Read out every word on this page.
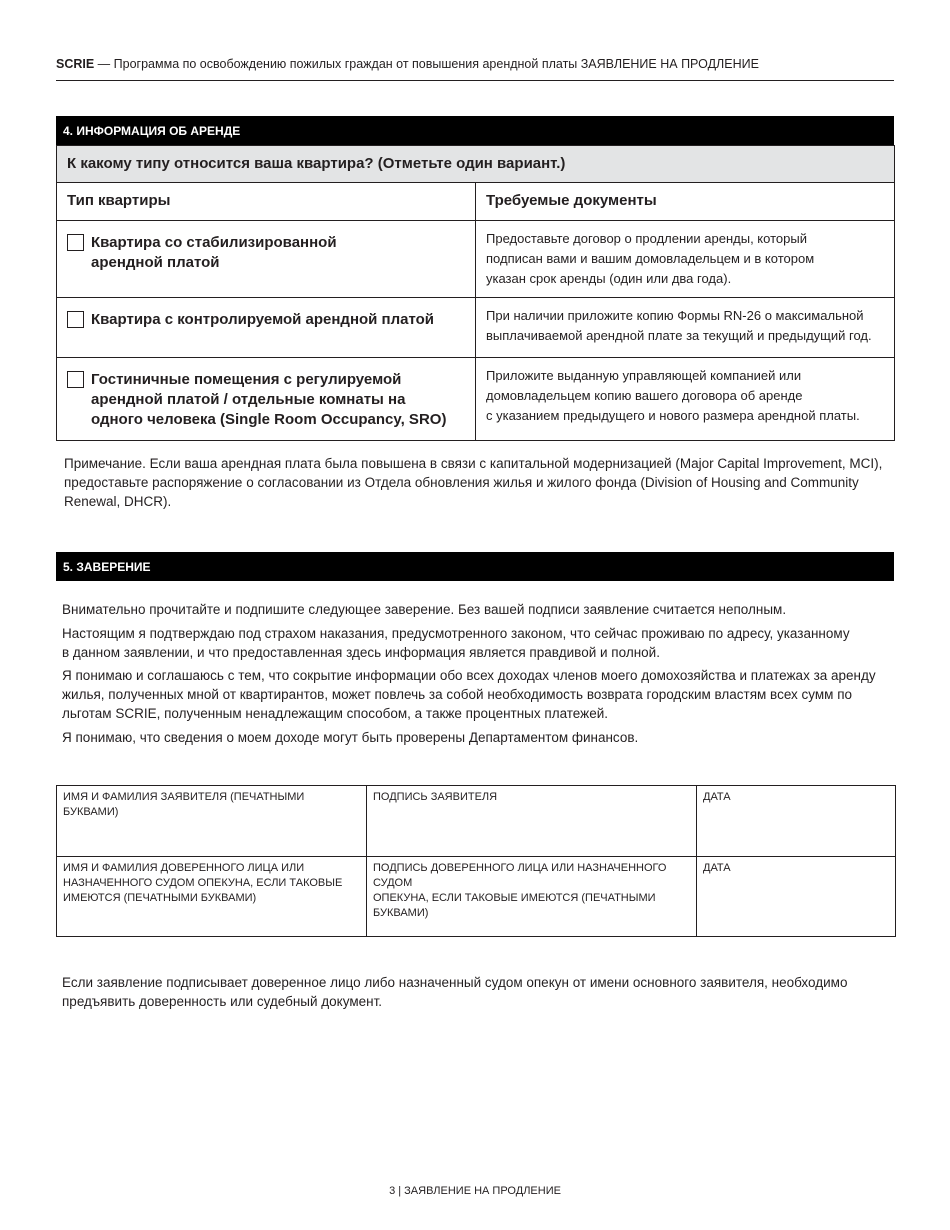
SCRIE — Программа по освобождению пожилых граждан от повышения арендной платы ЗАЯВЛЕНИЕ НА ПРОДЛЕНИЕ
4. ИНФОРМАЦИЯ ОБ АРЕНДЕ
К какому типу относится ваша квартира? (Отметьте один вариант.)	
Тип квартиры	Требуемые документы

Квартира со стабилизированной
арендной платой	Предоставьте договор о продлении аренды, который
подписан вами и вашим домовладельцем и в котором
указан срок аренды (один или два года).

Квартира с контролируемой арендной платой	При наличии приложите копию Формы RN-26 о максимальной
выплачиваемой арендной плате за текущий и предыдущий год.

Гостиничные помещения с регулируемой
арендной платой / отдельные комнаты на
одного человека (Single Room Occupancy, SRO)	Приложите выданную управляющей компанией или
домовладельцем копию вашего договора об аренде
с указанием предыдущего и нового размера арендной платы.
Примечание. Если ваша арендная плата была повышена в связи с капитальной модернизацией (Major Capital Improvement, MCI),
предоставьте распоряжение о согласовании из Отдела обновления жилья и жилого фонда (Division of Housing and Community
Renewal, DHCR).
5. ЗАВЕРЕНИЕ

Внимательно прочитайте и подпишите следующее заверение. Без вашей подписи заявление считается неполным.

Настоящим я подтверждаю под страхом наказания, предусмотренного законом, что сейчас проживаю по адресу, указанному
в данном заявлении, и что предоставленная здесь информация является правдивой и полной.

Я понимаю и соглашаюсь с тем, что сокрытие информации обо всех доходах членов моего домохозяйства и платежах за аренду
жилья, полученных мной от квартирантов, может повлечь за собой необходимость возврата городским властям всех сумм по
льготам SCRIE, полученным ненадлежащим способом, а также процентных платежей.

Я понимаю, что сведения о моем доходе могут быть проверены Департаментом финансов.

ИМЯ И ФАМИЛИЯ ЗАЯВИТЕЛЯ (ПЕЧАТНЫМИ БУКВАМИ)	ПОДПИСЬ ЗАЯВИТЕЛЯ	ДАТА
ИМЯ И ФАМИЛИЯ ДОВЕРЕННОГО ЛИЦА ИЛИ
НАЗНАЧЕННОГО СУДОМ ОПЕКУНА, ЕСЛИ ТАКОВЫЕ
ИМЕЮТСЯ (ПЕЧАТНЫМИ БУКВАМИ)	ПОДПИСЬ ДОВЕРЕННОГО ЛИЦА ИЛИ НАЗНАЧЕННОГО СУДОМ
ОПЕКУНА, ЕСЛИ ТАКОВЫЕ ИМЕЮТСЯ (ПЕЧАТНЫМИ БУКВАМИ)	ДАТА
Если заявление подписывает доверенное лицо либо назначенный судом опекун от имени основного заявителя, необходимо
предъявить доверенность или судебный документ.
3 | ЗАЯВЛЕНИЕ НА ПРОДЛЕНИЕ
